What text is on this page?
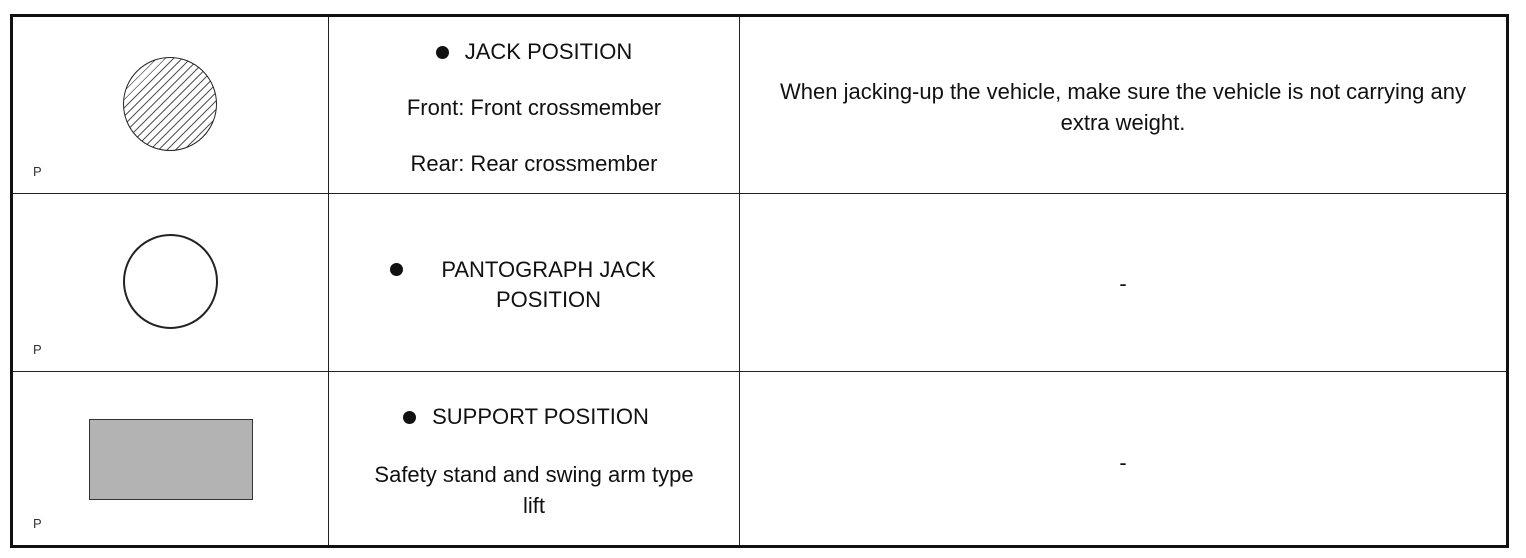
P
JACK POSITION
Front: Front crossmember
Rear: Rear crossmember
When jacking-up the vehicle, make sure the vehicle is not carrying any extra weight.
P
PANTOGRAPH JACK POSITION
-
P
SUPPORT POSITION
Safety stand and swing arm type lift
-
